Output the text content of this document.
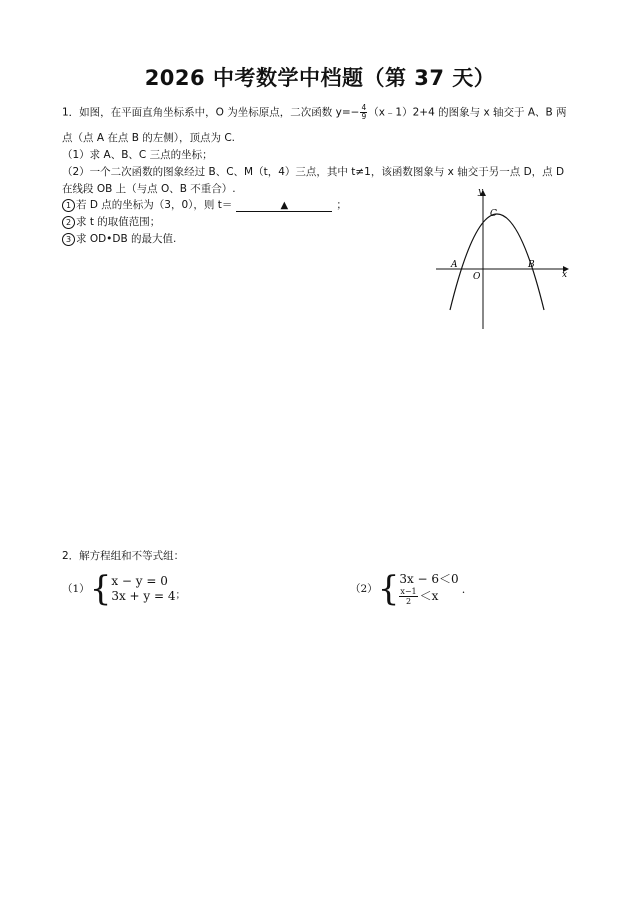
2026 中考数学中档题（第 37 天）
1．如图，在平面直角坐标系中，O 为坐标原点，二次函数 $y=- \frac{4}{9}$ （x﹣1）2+4 的图象与 x 轴交于 A、B 两
点（点 A 在点 B 的左侧），顶点为 C.
（1）求 A、B、C 三点的坐标；
（2）一个二次函数的图象经过 B、C、M（t，4）三点，其中 t≠1，该函数图象与 x 轴交于另一点 D，点 D
在线段 OB 上（与点 O、B 不重合）.
1 若 D 点的坐标为（3，0），则 t＝	▲	；
2 求 t 的取值范围；
3 求 OD•DB 的最大值.
y
x
O
A	B
C
2．解方程组和不等式组：
（1） { x − y = 0
3x + y = 4 ；
（2） { 3x − 6＜0
$\frac{x-1}{2} <x$	.
